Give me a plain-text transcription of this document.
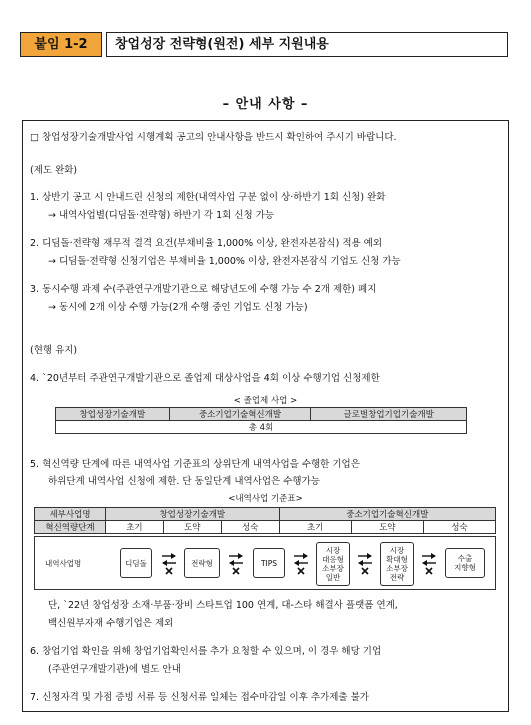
붙임 1-2	창업성장 전략형(원전) 세부 지원내용
– 안내 사항 –
□ 창업성장기술개발사업 시행계획 공고의 안내사항을 반드시 확인하여 주시기 바랍니다.
(제도 완화)
1. 상반기 공고 시 안내드린 신청의 제한(내역사업 구분 없이 상·하반기 1회 신청) 완화
→ 내역사업별(디딤돌·전략형) 하반기 각 1회 신청 가능
2. 디딤돌·전략형 재무적 결격 요건(부채비율 1,000% 이상, 완전자본잠식) 적용 예외
→ 디딤돌·전략형 신청기업은 부채비율 1,000% 이상, 완전자본잠식 기업도 신청 가능
3. 동시수행 과제 수(주관연구개발기관으로 해당년도에 수행 가능 수 2개 제한) 폐지
→ 동시에 2개 이상 수행 가능(2개 수행 중인 기업도 신청 가능)
(현행 유지)
4. `20년부터 주관연구개발기관으로 졸업제 대상사업을 4회 이상 수행기업 신청제한
< 졸업제 사업 >
창업성장기술개발	중소기업기술혁신개발	글로벌창업기업기술개발
총 4회
5. 혁신역량 단계에 따른 내역사업 기준표의 상위단계 내역사업을 수행한 기업은
하위단계 내역사업 신청에 제한. 단 동일단계 내역사업은 수행가능
<내역사업 기준표>
세부사업명	창업성장기술개발			중소기업기술혁신개발		
혁신역량단계	초기	도약	성숙	초기	도약	성숙
내역사업명	디딤돌	전략형	TIPS
시장
대응형
소부장
일반
시장
확대형
소부장
전략
수출
지향형
단, `22년 창업성장 소재·부품·장비 스타트업 100 연계, 대-스타 해결사 플랫폼 연계,
백신원부자재 수행기업은 제외
6. 창업기업 확인을 위해 창업기업확인서를 추가 요청할 수 있으며, 이 경우 해당 기업
(주관연구개발기관)에 별도 안내
7. 신청자격 및 가점 증빙 서류 등 신청서류 일체는 접수마감일 이후 추가제출 불가
